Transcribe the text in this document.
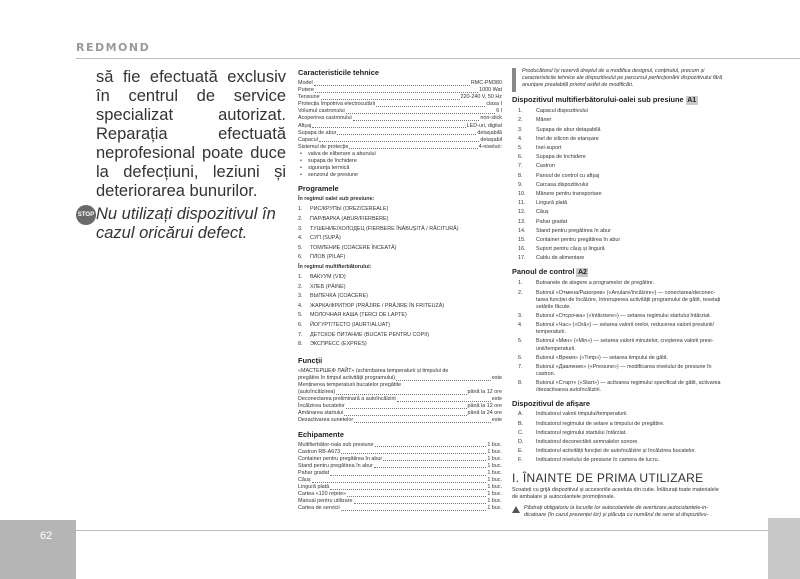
REDMOND
să fie efectuată exclusiv în centrul de service specializat autorizat. Reparația efectuată neprofesional poate duce la defecțiuni, leziuni și deteriorarea bunurilor.
STOP Nu utilizați dispozitivul în cazul oricărui defect.
Caracteristicile tehnice
Model	RMC-PM380
Putere	1000 Wat
Tensiune	220-240 V, 50 Hz
Protecția împotriva electrocutării	clasa I
Volumul castronului	6 l
Acoperirea castronului	non-stick
Afișaj	LED-uri, digital
Supapa de abur	detașabilă
Capacul	detașabil
Sistemul de protecție	4-niveluri:
• valva de eliberare a aburului
• supapa de închidere
• siguranța termică
• senzorul de presiune
Programele
În regimul oalei sub presiune:
1.	РИС/КРУПЫ (OREZ/CEREALE)
2.	ПАР/ВАРКА (ABUR/FIERBERE)
3.	ТУШЕНИЕ/ХОЛОДЕЦ (FIERBERE ÎNĂBUȘITĂ / RĂCITURĂ)
4.	СУП (SUPĂ)
5.	ТОМЛЕНИЕ (COACERE ÎNCEATĂ)
6.	ПЛОВ (PILAF)
În regimul multifierbătorului:
1.	ВАКУУМ (VID)
2.	ХЛЕБ (PÂINE)
3.	ВЫПЕЧКА (COACERE)
4.	ЖАРКА/ФРИТЮР (PRĂJIRE / PRĂJIRE ÎN FRITEUZĂ)
5.	МОЛОЧНАЯ КАША (TERCI DE LAPTE)
6.	ЙОГУРТ/ТЕСТО (IAURT/ALUAT)
7.	ДЕТСКОЕ ПИТАНИЕ (BUCATE PENTRU COPII)
8.	ЭКСПРЕСС (EXPRES)
Funcții
«МАСТЕРШЕФ ЛАЙТ» (schimbarea temperaturii și timpului de
pregătire în timpul activității programului)	este
Menținerea temperaturii bucatelor pregătite
(autoîncălzirea)	până la 12 ore
Deconectarea preliminară a autoîncălzirii	este
Încălzirea bucatelor	până la 12 ore
Amânarea startului	până la 24 ore
Dezactivarea sunetelor	este
Echipamente
Multifierbător-oala sub presiune	1 buc.
Castron RB-A673	1 buc.
Container pentru pregătirea în abur	1 buc.
Stand pentru pregătirea în abur	1 buc.
Pahar gradat	1 buc.
Căuș	1 buc.
Lingură plată	1 buc.
Cartea «120 rețete»	1 buc.
Manual pentru utilizare	1 buc.
Cartea de servicii	1 buc.
Producătorul își rezervă dreptul de a modifica designul, conținutul, precum și caracteristicile tehnice ale dispozitivului pe parcursul perfecționării dispozitivului fără anunțare prealabilă privind astfel de modificări.
Dispozitivul multifierbătorului-oalei sub presiune A1
1.	Capacul dispozitivului
2.	Mâner
3.	Supapa de abur detașabilă
4.	Inel de silicon de etanșare
5.	Inel-suport
6.	Supapa de închidere
7.	Castron
8.	Panoul de control cu afișaj
9.	Carcasa dispozitivului
10.	Mânere pentru transportare
11.	Lingură plată
12.	Căuș
13.	Pahar gradat
14.	Stand pentru pregătirea în abur
15.	Container pentru pregătirea în abur
16.	Suport pentru căuș și lingură
17.	Cablu de alimentare
Panoul de control A2
1.	Butoanele de alegere a programelor de pregătire.
2.	Butonul «Отмена/Разогрев» («Anulare/încălzire») — conectarea/deconectarea funcției de încălzire, întreruperea activității programului de gătit, resetați setările făcute.
3.	Butonul «Отсрочка» («întârziere») — setarea regimului startului întârziat.
4.	Butonul «Час» («Oră») — setarea valorii orelor, reducerea valorii presiunii/ temperaturii.
5.	Butonul «Мин» («Min») — setarea valorii minutelor, creșterea valorii presiunii/temperaturii.
6.	Butonul «Время» («Timp») — setarea timpului de gătit.
7.	Butonul «Давление» («Presiune») — modificarea nivelului de presiune în castron.
8.	Butonul «Старт» («Start») — activarea regimului specificat de gătit, activarea /dezactivarea autoîncălzirii.
Dispozitivul de afișare
A.	Indicatorul valorii timpului/temperaturii.
B.	Indicatorul regimului de setare a timpului de pregătire.
C.	Indicatorul regimului startului întârziat.
D.	Indicatorul deconectării semnalelor sonore.
E.	Indicatorul activității funcției de autoîncălzire și încălzirea bucatelor.
F.	Indicatorul nivelului de presiune în camera de lucru.
I. ÎNAINTE DE PRIMA UTILIZARE
Scoateți cu grijă dispozitivul și accesoriile acestuia din cutie. Înlăturați toate materialele de ambalare și autocolantele promoționale.
Păstrați obligatoriu la locurile lor autocolantele de avertizare,autocolantele-indicatoare (în cazul prezenței lor) și plăcuța cu numărul de serie al dispozitivu-
62
